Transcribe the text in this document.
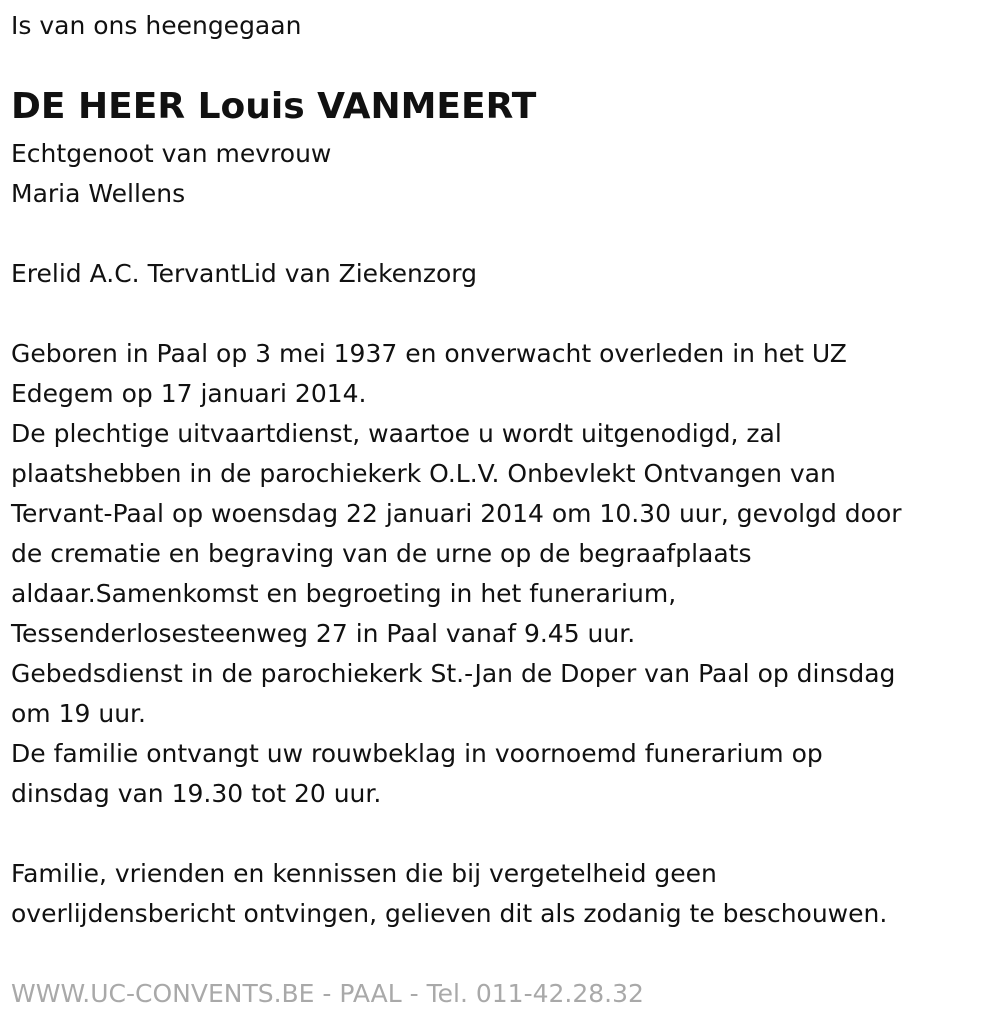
Is van ons heengegaan
DE HEER Louis VANMEERT
Echtgenoot van mevrouw
Maria Wellens
Erelid A.C. TervantLid van Ziekenzorg
Geboren in Paal op 3 mei 1937 en onverwacht overleden in het UZ
Edegem op 17 januari 2014.
De plechtige uitvaartdienst, waartoe u wordt uitgenodigd, zal
plaatshebben in de parochiekerk O.L.V. Onbevlekt Ontvangen van
Tervant-Paal op woensdag 22 januari 2014 om 10.30 uur, gevolgd door
de crematie en begraving van de urne op de begraafplaats
aldaar.Samenkomst en begroeting in het funerarium,
Tessenderlosesteenweg 27 in Paal vanaf 9.45 uur.
Gebedsdienst in de parochiekerk St.-Jan de Doper van Paal op dinsdag
om 19 uur.
De familie ontvangt uw rouwbeklag in voornoemd funerarium op
dinsdag van 19.30 tot 20 uur.
Familie, vrienden en kennissen die bij vergetelheid geen
overlijdensbericht ontvingen, gelieven dit als zodanig te beschouwen.
WWW.UC-CONVENTS.BE - PAAL - Tel. 011-42.28.32
